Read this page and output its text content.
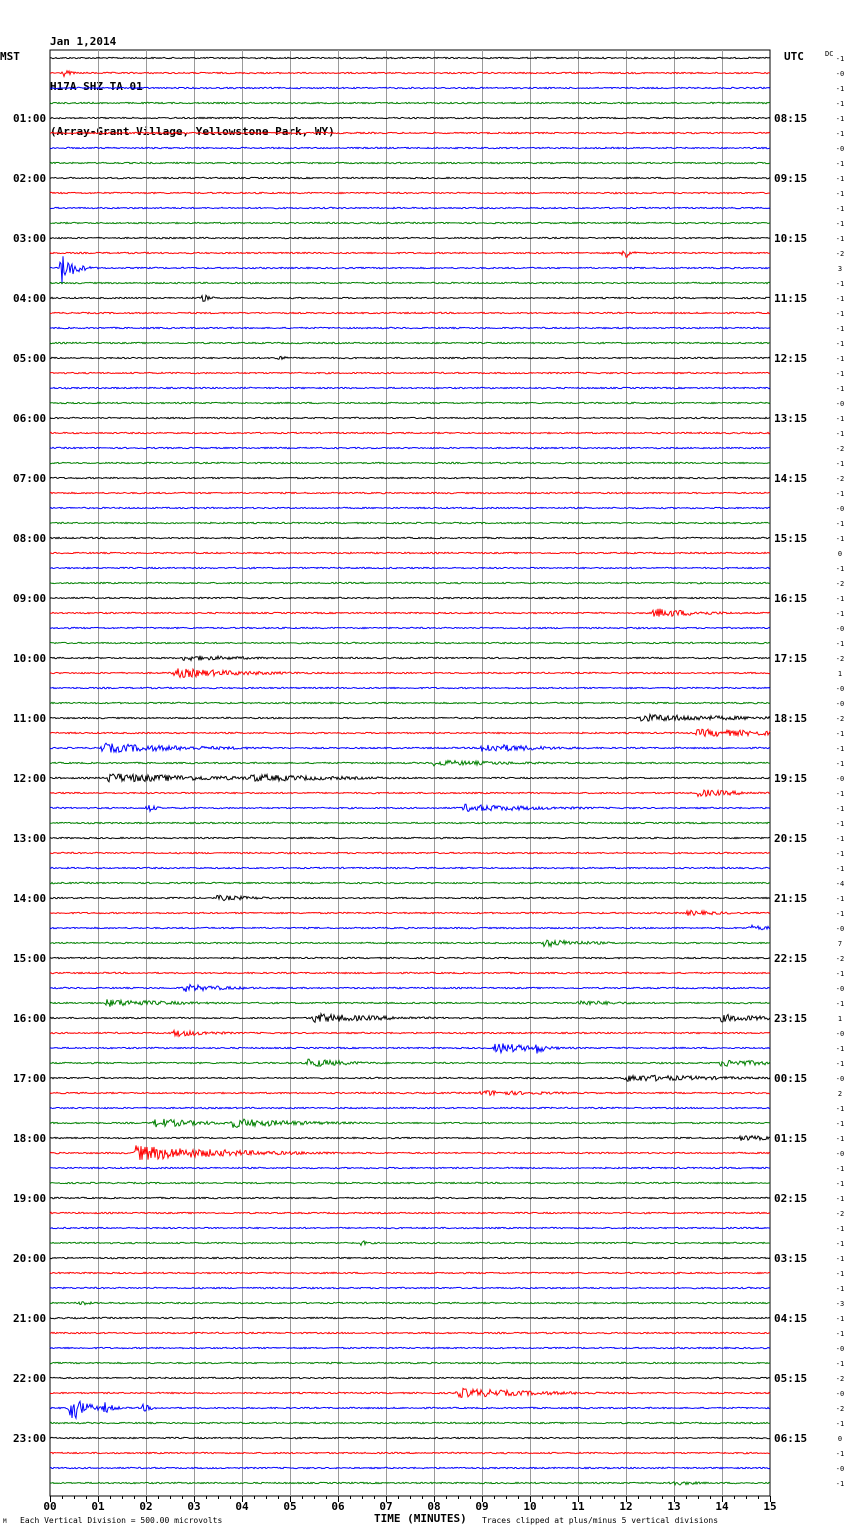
Jan 1,2014

H17A SHZ TA 01

(Array-Grant Village, Yellowstone Park, WY)

MST	UTC	DC
01:00	08:15
02:00	09:15
03:00	10:15
04:00	11:15
05:00	12:15
06:00	13:15
07:00	14:15
08:00	15:15
09:00	16:15
10:00	17:15
11:00	18:15
12:00	19:15
13:00	20:15
14:00	21:15
15:00	22:15
16:00	23:15
17:00	00:15
18:00	01:15
19:00	02:15
20:00	03:15
21:00	04:15
22:00	05:15
23:00	06:15
-1
-0
-1
-1
-1
-1
-0
-1
-1
-1
-1
-1
-1
-2
3
-1
-1
-1
-1
-1
-1
-1
-1
-0
-1
-1
-2
-1
-2
-1
-0
-1
-1
0
-1
-2
-1
-1
-0
-1
-2
1
-0
-0
-2
-1
-1
-1
-0
-1
-1
-1
-1
-1
-1
-4
-1
-1
-0
7
-2
-1
-0
-1
1
-0
-1
-1
-0
2
-1
-1
-1
-0
-1
-1
-1
-2
-1
-1
-1
-1
-1
-3
-1
-1
-0
-1
-2
-0
-2
-1
0
-1
-0
-1
00	01	02	03	04	05	06	07	08	09	10	11	12	13	14	15
M Each Vertical Division = 500.00 microvolts	TIME (MINUTES) Traces clipped at plus/minus 5 vertical divisions
